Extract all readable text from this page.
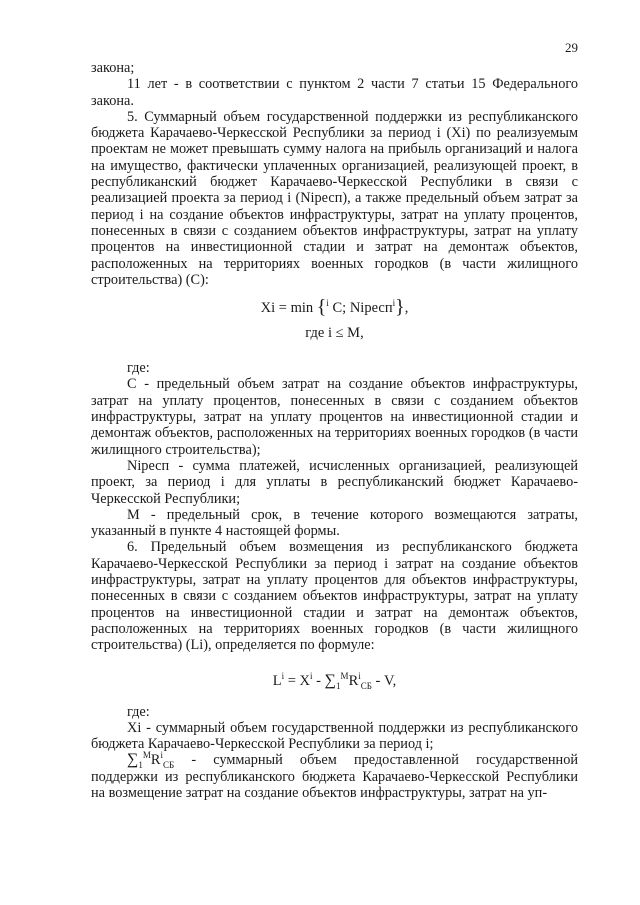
29

закона;

11 лет - в соответствии с пунктом 2 части 7 статьи 15 Федерального закона.

5. Суммарный объем государственной поддержки из республиканского бюджета Карачаево-Черкесской Республики за период i (Xi) по реализуемым проектам не может превышать сумму налога на прибыль организаций и налога на имущество, фактически уплаченных организацией, реализующей проект, в республиканский бюджет Карачаево-Черкесской Республики в связи с реализацией проекта за период i (Niресп), а также предельный объем затрат за период i на создание объектов инфраструктуры, затрат на уплату процентов, понесенных в связи с созданием объектов инфраструктуры, затрат на уплату процентов на инвестиционной стадии и затрат на демонтаж объектов, расположенных на территориях военных городков (в части жилищного строительства) (С):

Xi = min {$^i$ C; Niресп$^i$},

где i ≤ M,

где:

С - предельный объем затрат на создание объектов инфраструктуры, затрат на уплату процентов, понесенных в связи с созданием объектов инфраструктуры, затрат на уплату процентов на инвестиционной стадии и демонтаж объектов, расположенных на территориях военных городков (в части жилищного строительства);

Niресп - сумма платежей, исчисленных организацией, реализующей проект, за период i для уплаты в республиканский бюджет Карачаево-Черкесской Республики;

М - предельный срок, в течение которого возмещаются затраты, указанный в пункте 4 настоящей формы.

6. Предельный объем возмещения из республиканского бюджета Карачаево-Черкесской Республики за период i затрат на создание объектов инфраструктуры, затрат на уплату процентов для объектов инфраструктуры, понесенных в связи с созданием объектов инфраструктуры, затрат на уплату процентов на инвестиционной стадии и затрат на демонтаж объектов, расположенных на территориях военных городков (в части жилищного строительства) (Li), определяется по формуле:

$L^i = X^i - \sum_1^MR^i_{СБ} - V$,

где:

Xi - суммарный объем государственной поддержки из республиканского бюджета Карачаево-Черкесской Республики за период i;

$\sum_1^MR^i_{СБ}$ - суммарный объем предоставленной государственной поддержки из республиканского бюджета Карачаево-Черкесской Республики на возмещение затрат на создание объектов инфраструктуры, затрат на уп-
